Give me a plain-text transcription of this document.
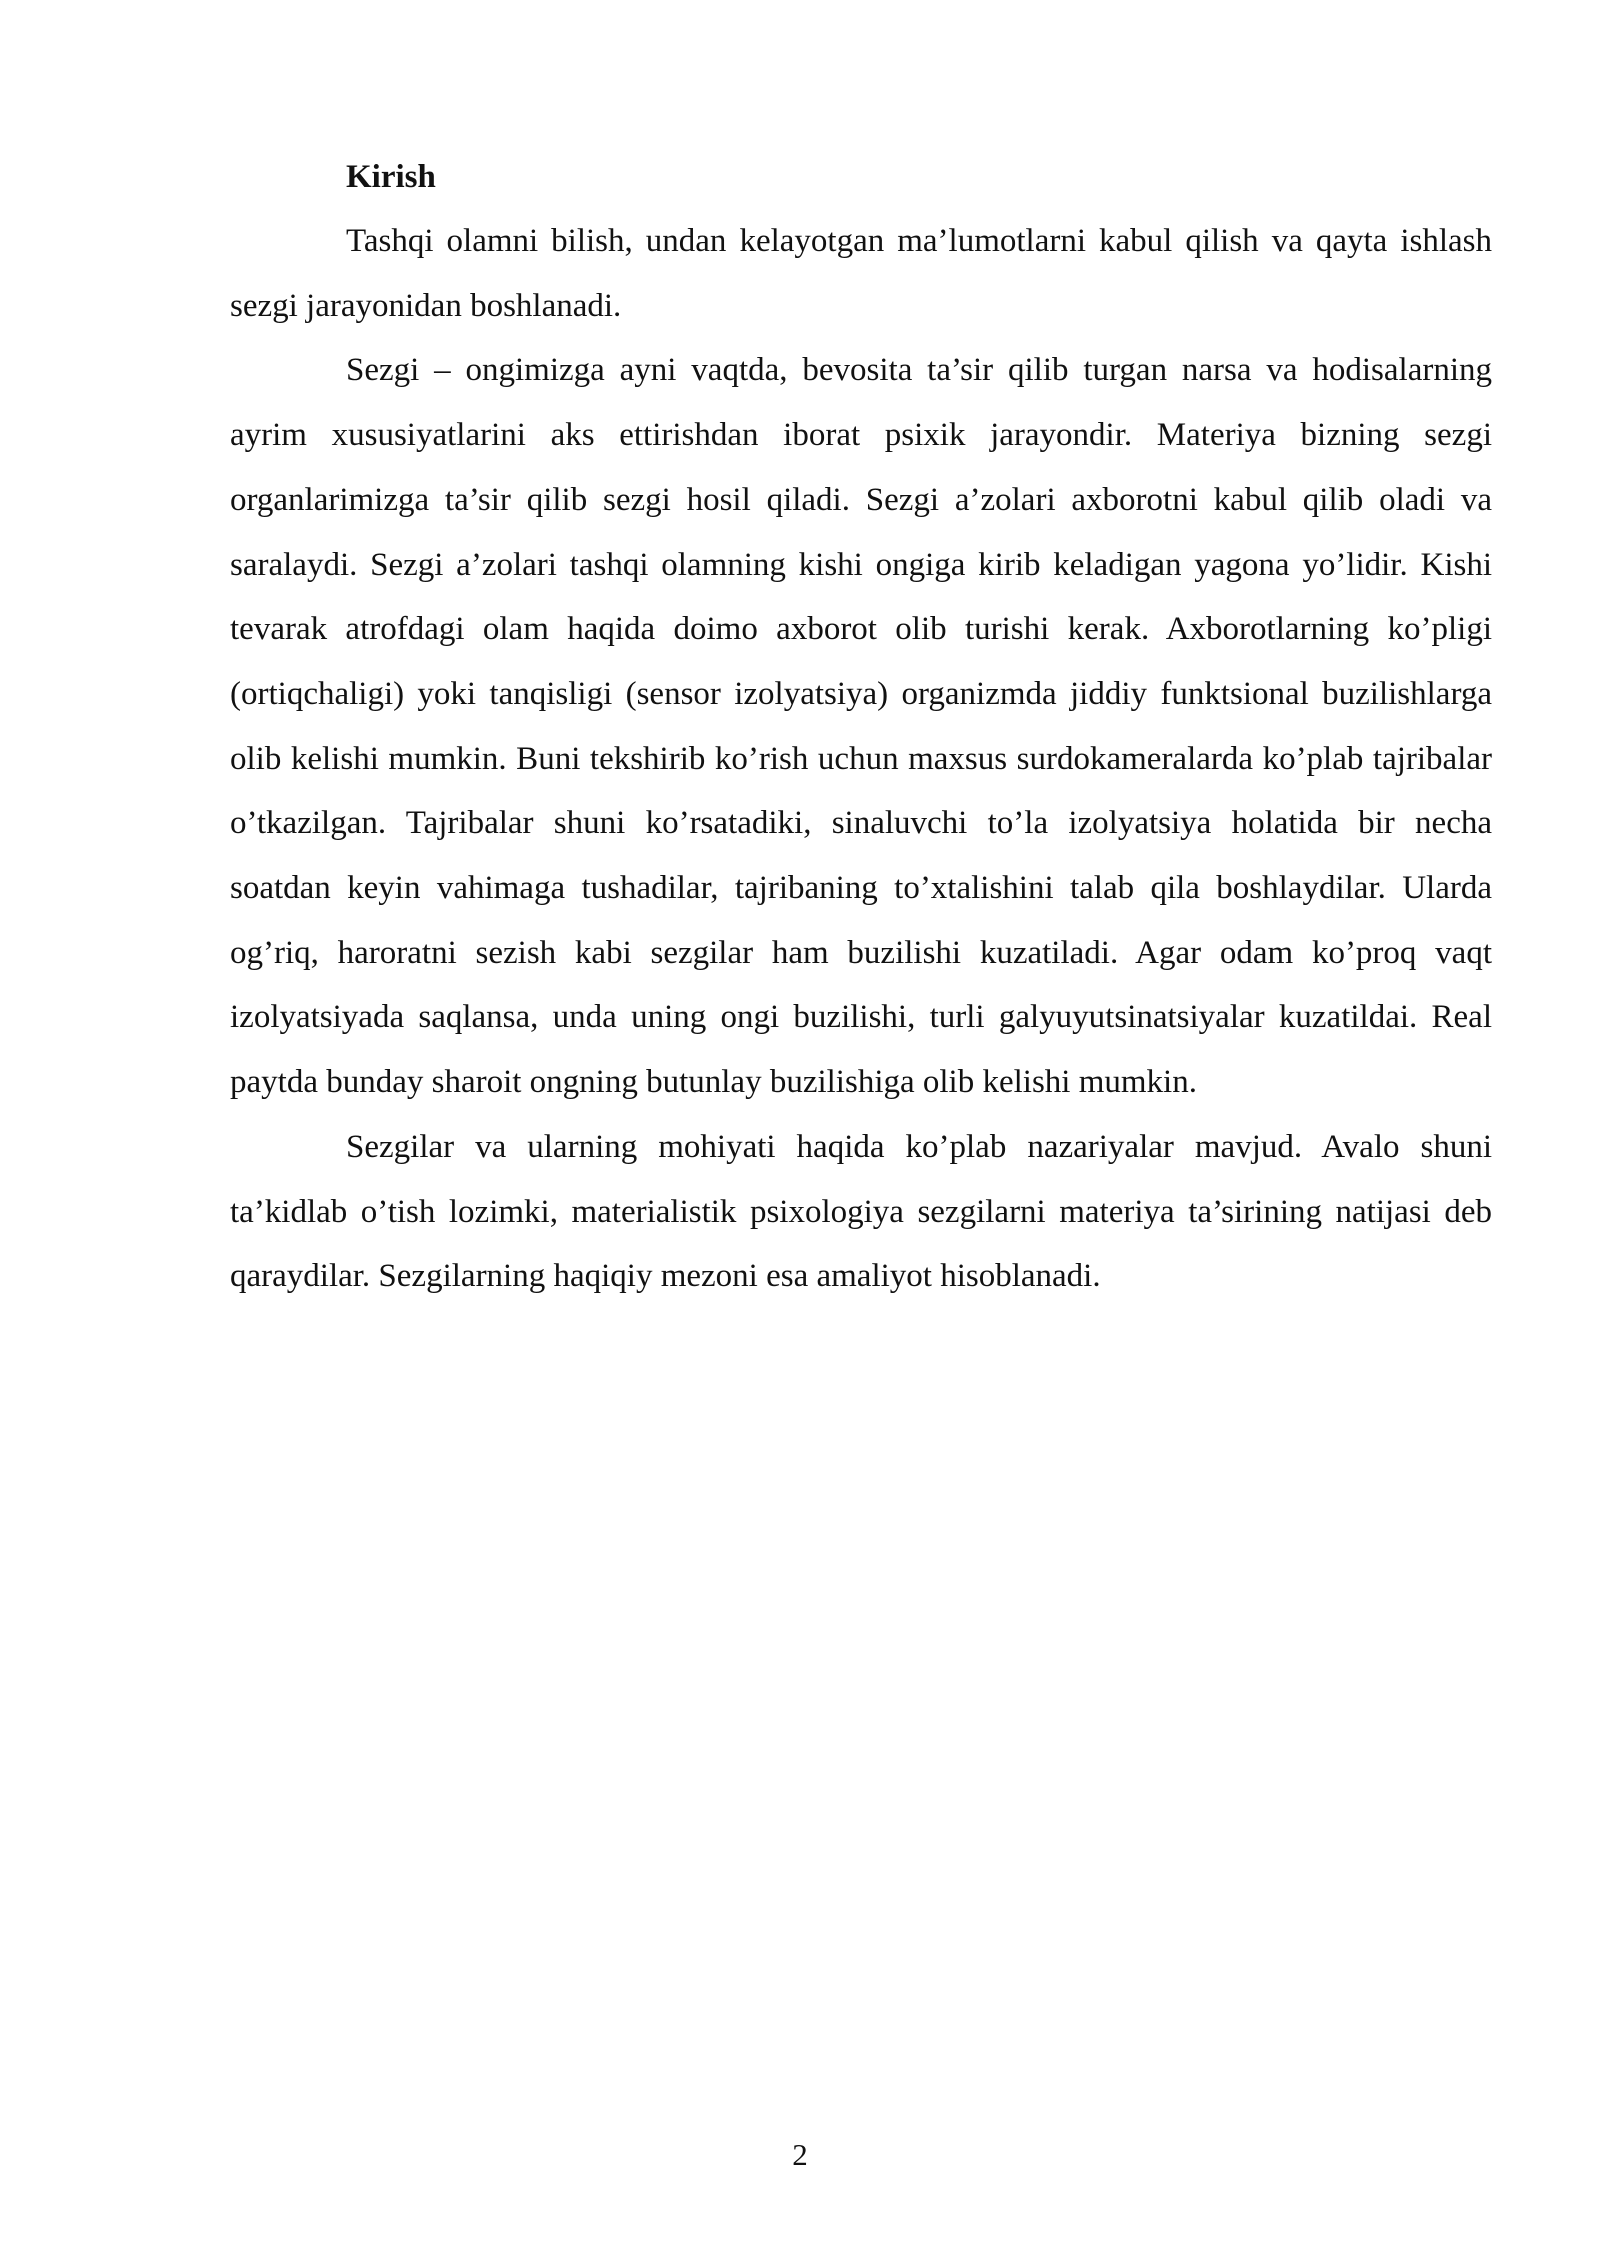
Kirish

Tashqi olamni bilish, undan kelayotgan ma’lumotlarni kabul qilish va qayta ishlash sezgi jarayonidan boshlanadi.

Sezgi – ongimizga ayni vaqtda, bevosita ta’sir qilib turgan narsa va hodisalarning ayrim xususiyatlarini aks ettirishdan iborat psixik jarayondir. Materiya bizning sezgi organlarimizga ta’sir qilib sezgi hosil qiladi. Sezgi a’zolari axborotni kabul qilib oladi va saralaydi. Sezgi a’zolari tashqi olamning kishi ongiga kirib keladigan yagona yo’lidir. Kishi tevarak atrofdagi olam haqida doimo axborot olib turishi kerak. Axborotlarning ko’pligi (ortiqchaligi) yoki tanqisligi (sensor izolyatsiya) organizmda jiddiy funktsional buzilishlarga olib kelishi mumkin. Buni tekshirib ko’rish uchun maxsus surdokameralarda ko’plab tajribalar o’tkazilgan. Tajribalar shuni ko’rsatadiki, sinaluvchi to’la izolyatsiya holatida bir necha soatdan keyin vahimaga tushadilar, tajribaning to’xtalishini talab qila boshlaydilar. Ularda og’riq, haroratni sezish kabi sezgilar ham buzilishi kuzatiladi. Agar odam ko’proq vaqt izolyatsiyada saqlansa, unda uning ongi buzilishi, turli galyuyutsinatsiyalar kuzatildai. Real paytda bunday sharoit ongning butunlay buzilishiga olib kelishi mumkin.

Sezgilar va ularning mohiyati haqida ko’plab nazariyalar mavjud. Avalo shuni ta’kidlab o’tish lozimki, materialistik psixologiya sezgilarni materiya ta’sirining natijasi deb qaraydilar. Sezgilarning haqiqiy mezoni esa amaliyot hisoblanadi.

2
